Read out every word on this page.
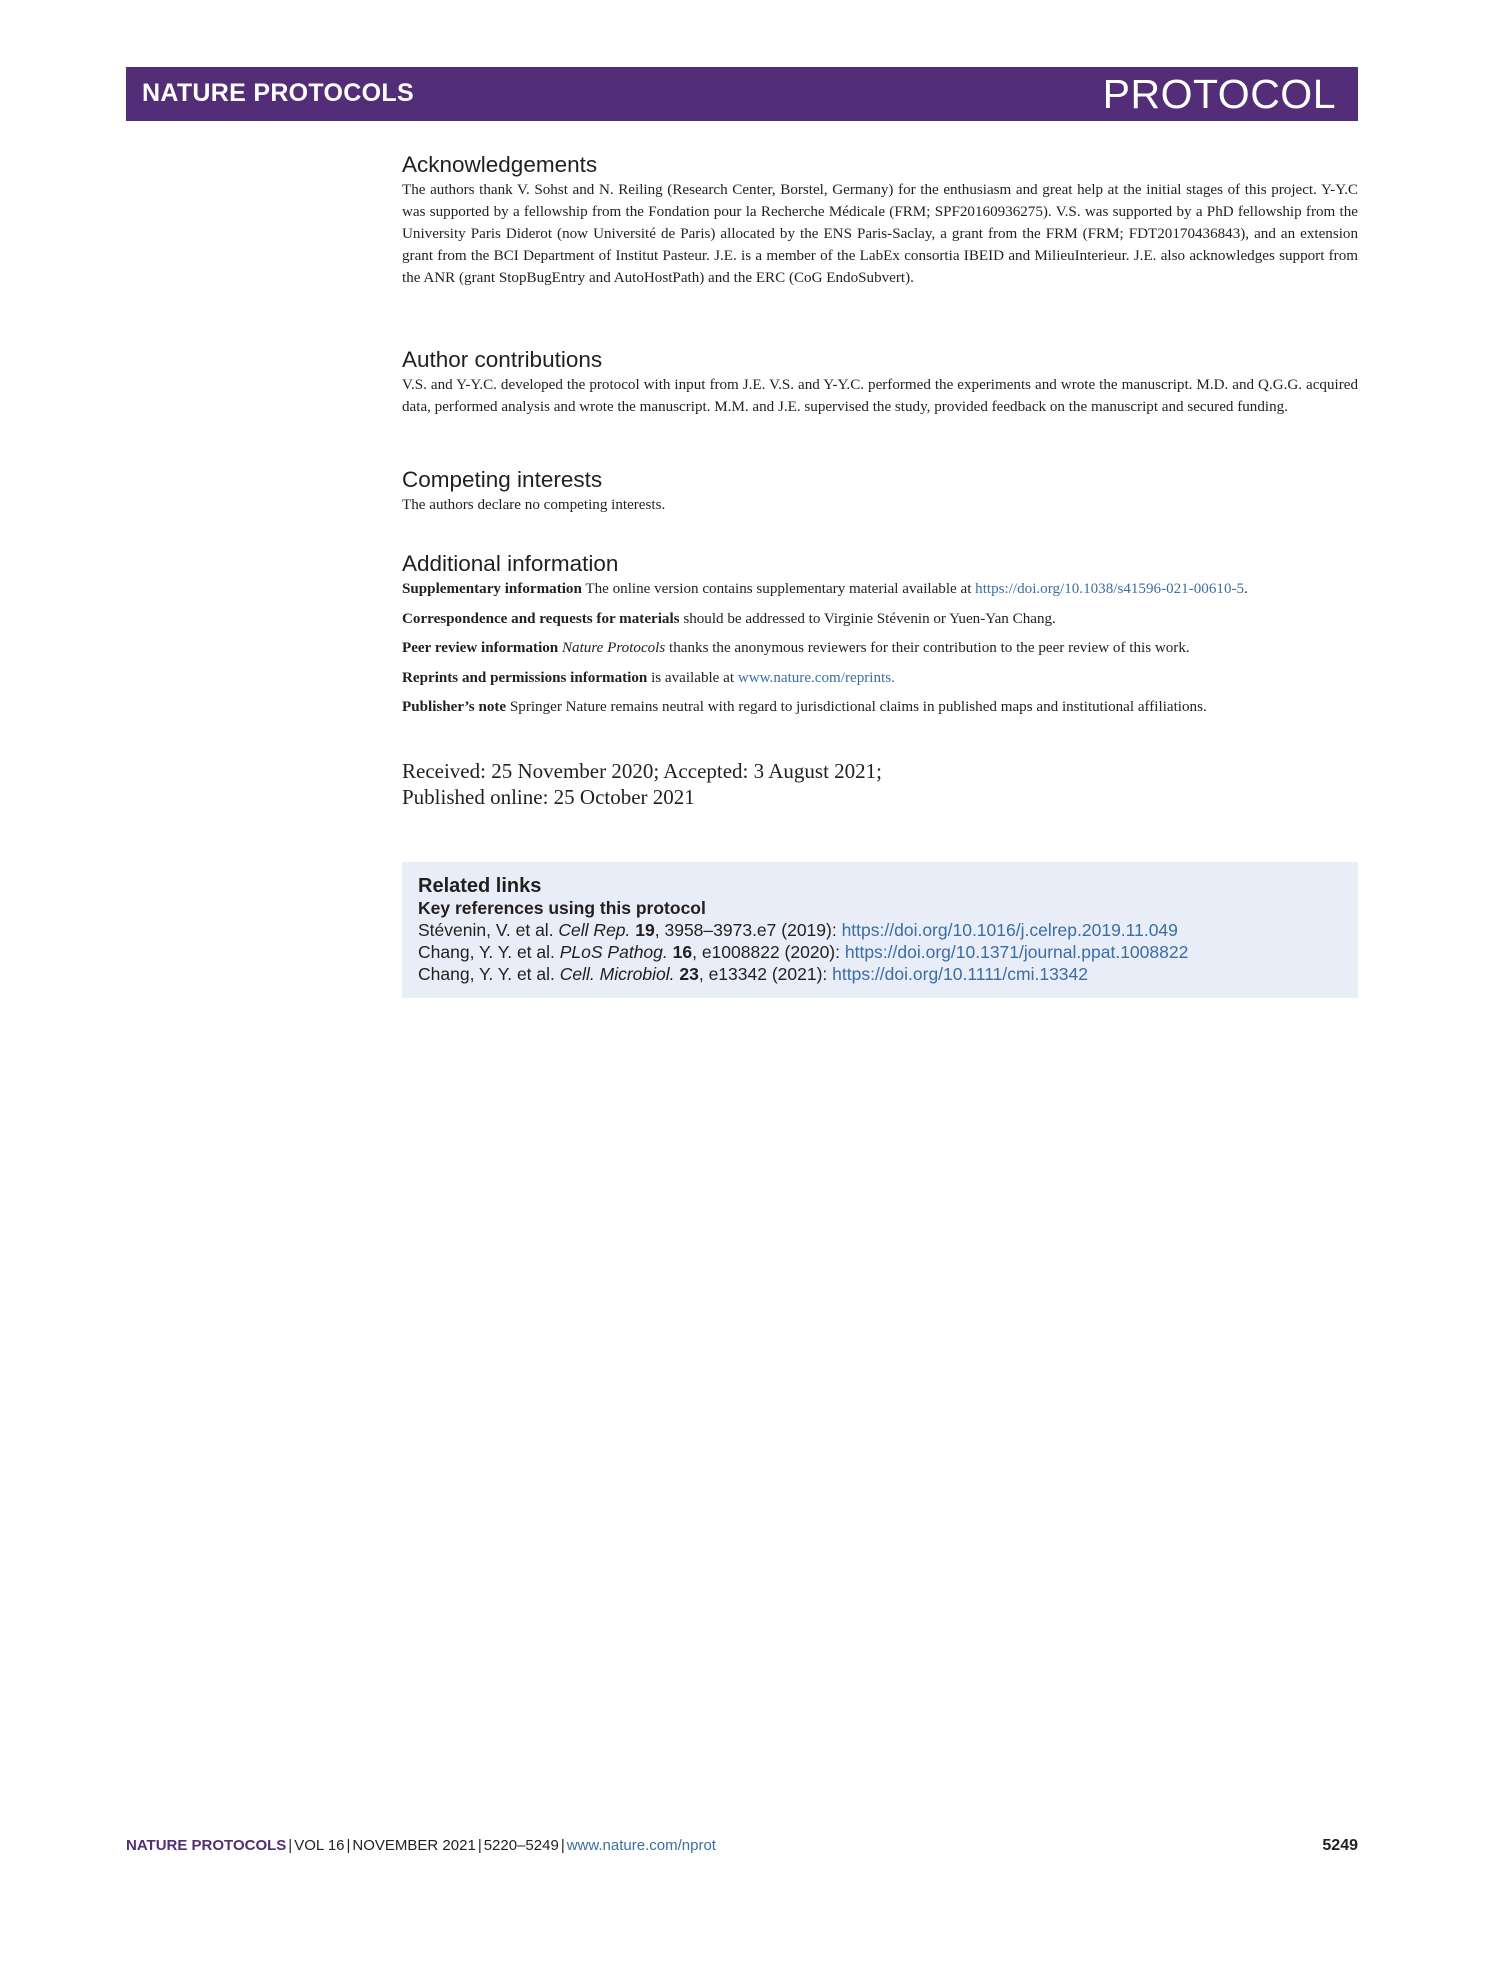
NATURE PROTOCOLS	PROTOCOL
Acknowledgements

The authors thank V. Sohst and N. Reiling (Research Center, Borstel, Germany) for the enthusiasm and great help at the initial stages of this project. Y-Y.C was supported by a fellowship from the Fondation pour la Recherche Médicale (FRM; SPF20160936275). V.S. was supported by a PhD fellowship from the University Paris Diderot (now Université de Paris) allocated by the ENS Paris-Saclay, a grant from the FRM (FRM; FDT20170436843), and an extension grant from the BCI Department of Institut Pasteur. J.E. is a member of the LabEx consortia IBEID and MilieuInterieur. J.E. also acknowledges support from the ANR (grant StopBugEntry and AutoHostPath) and the ERC (CoG EndoSubvert).

Author contributions

V.S. and Y-Y.C. developed the protocol with input from J.E. V.S. and Y-Y.C. performed the experiments and wrote the manuscript. M.D. and Q.G.G. acquired data, performed analysis and wrote the manuscript. M.M. and J.E. supervised the study, provided feedback on the manuscript and secured funding.

Competing interests

The authors declare no competing interests.

Additional information

Supplementary information The online version contains supplementary material available at https://doi.org/10.1038/s41596-021-00610-5.

Correspondence and requests for materials should be addressed to Virginie Stévenin or Yuen-Yan Chang.

Peer review information Nature Protocols thanks the anonymous reviewers for their contribution to the peer review of this work.

Reprints and permissions information is available at www.nature.com/reprints.

Publisher’s note Springer Nature remains neutral with regard to jurisdictional claims in published maps and institutional affiliations.

Received: 25 November 2020; Accepted: 3 August 2021;
Published online: 25 October 2021
Related links
Key references using this protocol
Stévenin, V. et al. Cell Rep. 19, 3958–3973.e7 (2019): https://doi.org/10.1016/j.celrep.2019.11.049
Chang, Y. Y. et al. PLoS Pathog. 16, e1008822 (2020): https://doi.org/10.1371/journal.ppat.1008822
Chang, Y. Y. et al. Cell. Microbiol. 23, e13342 (2021): https://doi.org/10.1111/cmi.13342
NATURE PROTOCOLS | VOL 16 | NOVEMBER 2021 | 5220–5249 | www.nature.com/nprot	5249
